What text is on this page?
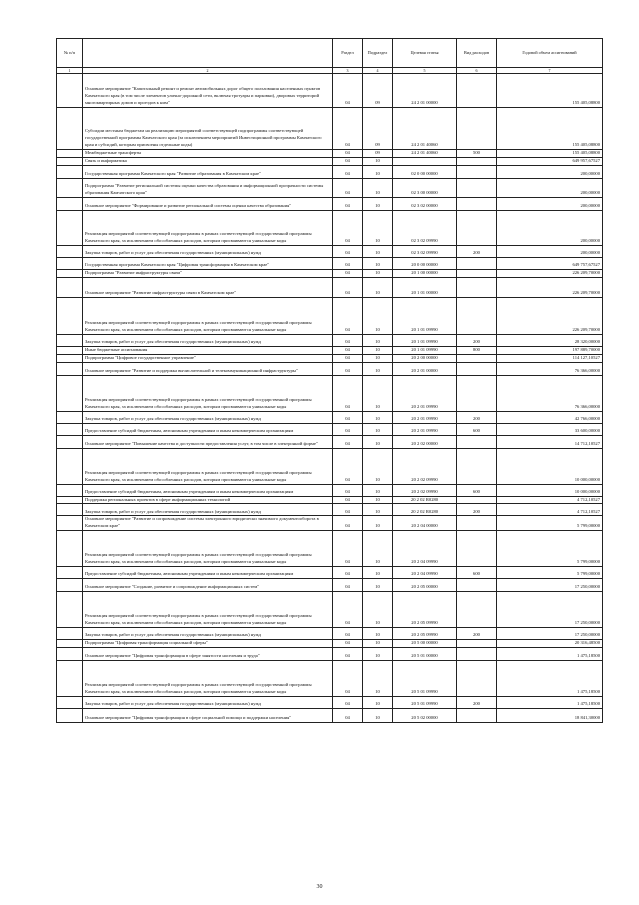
№ п/п		Раздел	Подраздел	Целевая статья	Вид расходов	Годовой объем ассигнований
1	2	3	4	5	6	7
	Основное мероприятие "Капитальный ремонт и ремонт автомобильных дорог общего пользования населенных пунктов Камчатского края (в том числе элементов улично-дорожной сети, включая тротуары и парковки), дворовых территорий многоквартирных домов и проездов к ним"	04	09	24 2 01 00000		155 405,08800
	Субсидии местным бюджетам на реализацию мероприятий соответствующей подпрограммы соответствующей государственной программы Камчатского края (за исключением мероприятий Инвестиционной программы Камчатского края и субсидий, которым присвоены отдельные коды)	04	09	24 2 01 40060		155 405,08800
	Межбюджетные трансферты	04	09	24 2 01 40060	500	155 405,08800
	Связь и информатика	04	10			649 957,67527
	Государственная программа Камчатского края "Развитие образования в Камчатском крае"	04	10	02 0 00 00000		200,00000
	Подпрограмма "Развитие региональной системы оценки качества образования и информационной прозрачности системы образования Камчатского края"	04	10	02 3 00 00000		200,00000
	Основное мероприятие "Формирование и развитие региональной системы оценки качества образования"	04	10	02 3 02 00000		200,00000
	Реализация мероприятий соответствующей подпрограммы в рамках соответствующей государственной программы Камчатского края, за исключением обособленных расходов, которым присваиваются уникальные коды	04	10	02 3 02 09990		200,00000
	Закупка товаров, работ и услуг для обеспечения государственных (муниципальных) нужд	04	10	02 3 02 09990	200	200,00000
	Государственная программа Камчатского края "Цифровая трансформация в Камчатском крае"	04	10	20 0 00 00000		649 757,67527
	Подпрограмма "Развитие инфраструктуры связи"	04	10	20 1 00 00000		226 209,70000
	Основное мероприятие "Развитие инфраструктуры связи в Камчатском крае"	04	10	20 1 01 00000		226 209,70000
	Реализация мероприятий соответствующей подпрограммы в рамках соответствующей государственной программы Камчатского края, за исключением обособленных расходов, которым присваиваются уникальные коды	04	10	20 1 01 09990		226 209,70000
	Закупка товаров, работ и услуг для обеспечения государственных (муниципальных) нужд	04	10	20 1 01 09990	200	28 320,00000
	Иные бюджетные ассигнования	04	10	20 1 01 09990	800	197 889,70000
	Подпрограмма "Цифровое государственное управление"	04	10	20 2 00 00000		114 127,10527
	Основное мероприятие "Развитие и поддержка вычислительной и телекоммуникационной инфраструктуры"	04	10	20 2 01 00000		76 366,00000
	Реализация мероприятий соответствующей подпрограммы в рамках соответствующей государственной программы Камчатского края, за исключением обособленных расходов, которым присваиваются уникальные коды	04	10	20 2 01 09990		76 366,00000
	Закупка товаров, работ и услуг для обеспечения государственных (муниципальных) нужд	04	10	20 2 01 09990	200	42 766,00000
	Предоставление субсидий бюджетным, автономным учреждениям и иным некоммерческим организациям	04	10	20 2 01 09990	600	33 600,00000
	Основное мероприятие "Повышение качества и доступности предоставления услуг, в том числе в электронной форме"	04	10	20 2 02 00000		14 712,10527
	Реализация мероприятий соответствующей подпрограммы в рамках соответствующей государственной программы Камчатского края, за исключением обособленных расходов, которым присваиваются уникальные коды	04	10	20 2 02 09990		10 000,00000
	Предоставление субсидий бюджетным, автономным учреждениям и иным некоммерческим организациям	04	10	20 2 02 09990	600	10 000,00000
	Поддержка региональных проектов в сфере информационных технологий	04	10	20 2 02 R0280		4 712,10527
	Закупка товаров, работ и услуг для обеспечения государственных (муниципальных) нужд	04	10	20 2 02 R0280	200	4 712,10527
	Основное мероприятие "Развитие и сопровождение системы электронного юридически значимого документооборота в Камчатском крае"	04	10	20 2 04 00000		5 799,00000
	Реализация мероприятий соответствующей подпрограммы в рамках соответствующей государственной программы Камчатского края, за исключением обособленных расходов, которым присваиваются уникальные коды	04	10	20 2 04 09990		5 799,00000
	Предоставление субсидий бюджетным, автономным учреждениям и иным некоммерческим организациям	04	10	20 2 04 09990	600	5 799,00000
	Основное мероприятие "Создание, развитие и сопровождение информационных систем"	04	10	20 2 05 00000		17 250,00000
	Реализация мероприятий соответствующей подпрограммы в рамках соответствующей государственной программы Камчатского края, за исключением обособленных расходов, которым присваиваются уникальные коды	04	10	20 2 05 09990		17 250,00000
	Закупка товаров, работ и услуг для обеспечения государственных (муниципальных) нужд	04	10	20 2 05 09990	200	17 250,00000
	Подпрограмма "Цифровая трансформация социальной сферы"	04	10	20 5 00 00000		20 316,48500
	Основное мероприятие "Цифровая трансформация в сфере занятости населения и труда"	04	10	20 5 01 00000		1 475,18500
	Реализация мероприятий соответствующей подпрограммы в рамках соответствующей государственной программы Камчатского края, за исключением обособленных расходов, которым присваиваются уникальные коды	04	10	20 5 01 09990		1 475,18500
	Закупка товаров, работ и услуг для обеспечения государственных (муниципальных) нужд	04	10	20 5 01 09990	200	1 475,18500
	Основное мероприятие "Цифровая трансформация в сфере социальной помощи и поддержки населения"	04	10	20 5 02 00000		18 841,30000
30
